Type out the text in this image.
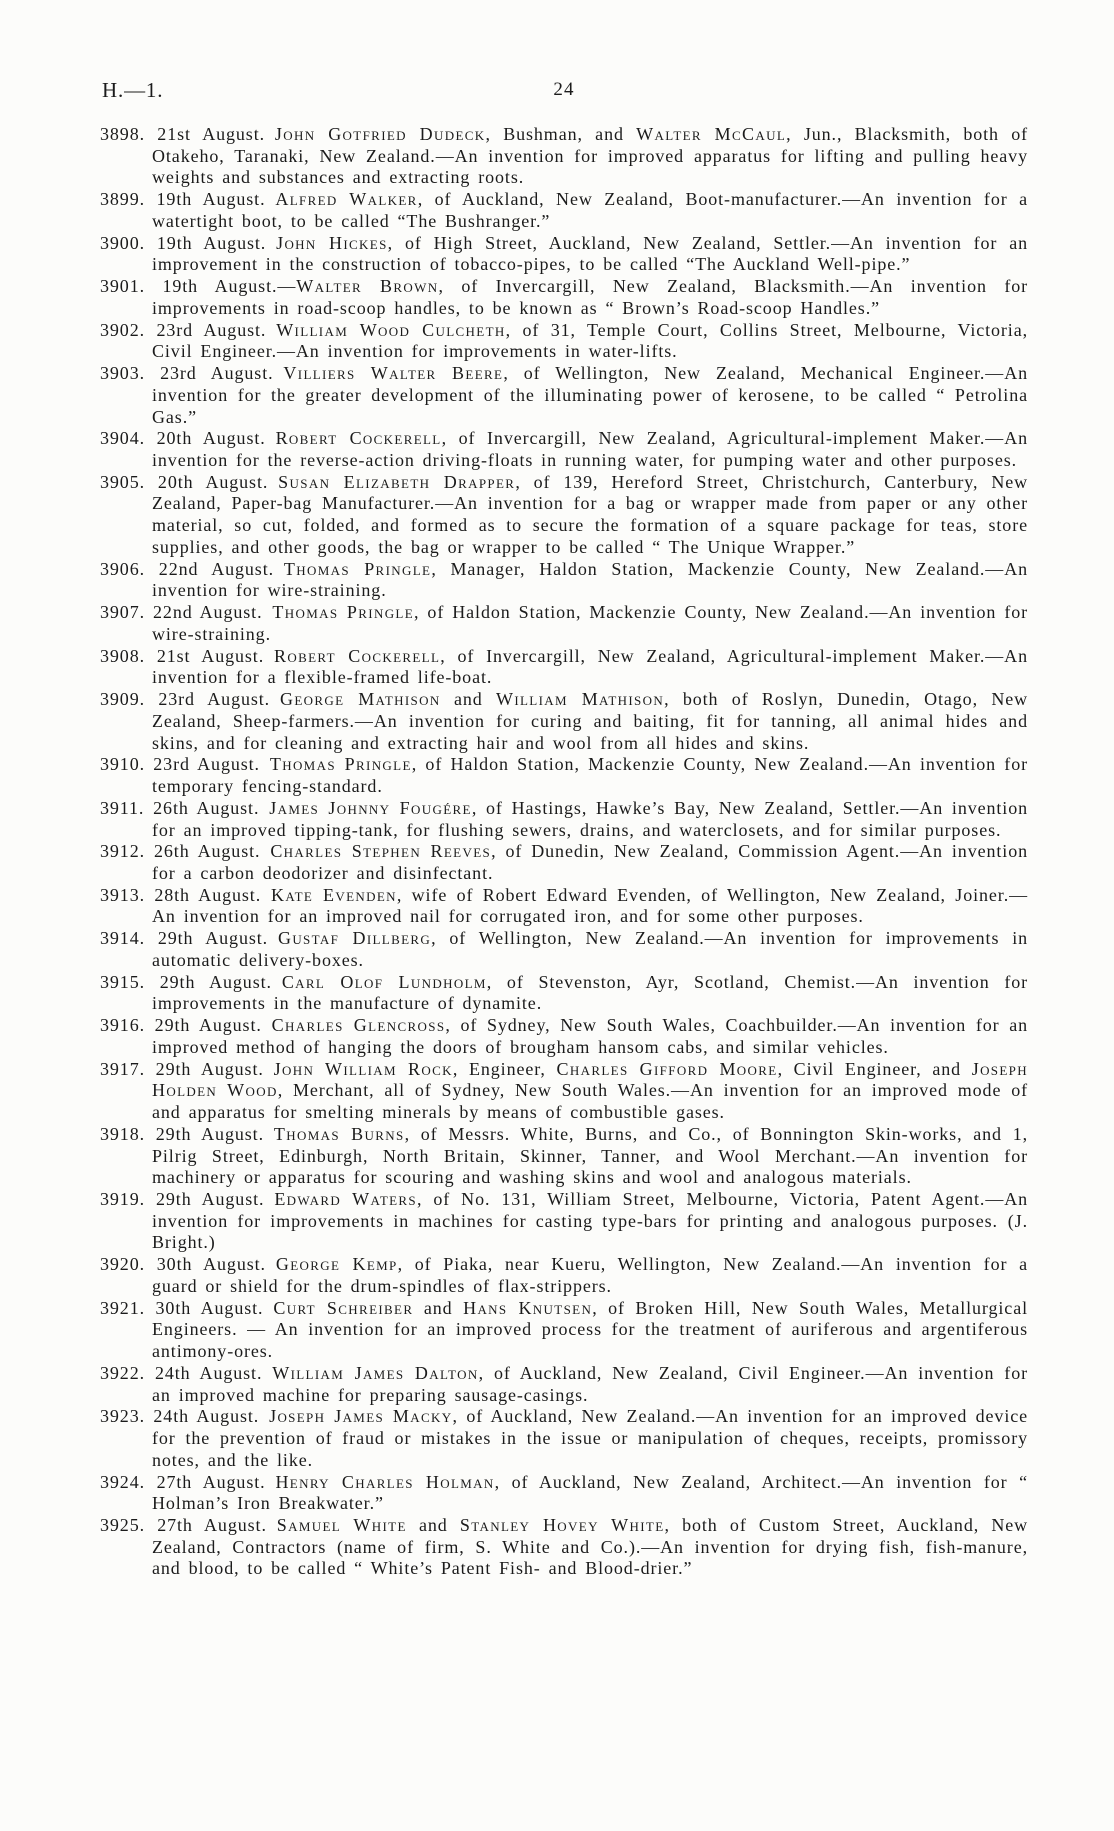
H.—1.	24

3898. 21st August. John Gotfried Dudeck, Bushman, and Walter McCaul, Jun., Blacksmith, both of Otakeho, Taranaki, New Zealand.—An invention for improved apparatus for lifting and pulling heavy weights and substances and extracting roots.

3899. 19th August. Alfred Walker, of Auckland, New Zealand, Boot-manufacturer.—An invention for a watertight boot, to be called “The Bushranger.”

3900. 19th August. John Hickes, of High Street, Auckland, New Zealand, Settler.—An invention for an improvement in the construction of tobacco-pipes, to be called “The Auckland Well-pipe.”

3901. 19th August.—Walter Brown, of Invercargill, New Zealand, Blacksmith.—An invention for improvements in road-scoop handles, to be known as “ Brown’s Road-scoop Handles.”

3902. 23rd August. William Wood Culcheth, of 31, Temple Court, Collins Street, Melbourne, Victoria, Civil Engineer.—An invention for improvements in water-lifts.

3903. 23rd August. Villiers Walter Beere, of Wellington, New Zealand, Mechanical Engineer.—An invention for the greater development of the illuminating power of kerosene, to be called “ Petrolina Gas.”

3904. 20th August. Robert Cockerell, of Invercargill, New Zealand, Agricultural-implement Maker.—An invention for the reverse-action driving-floats in running water, for pumping water and other purposes.

3905. 20th August. Susan Elizabeth Drapper, of 139, Hereford Street, Christchurch, Canterbury, New Zealand, Paper-bag Manufacturer.—An invention for a bag or wrapper made from paper or any other material, so cut, folded, and formed as to secure the formation of a square package for teas, store supplies, and other goods, the bag or wrapper to be called “ The Unique Wrapper.”

3906. 22nd August. Thomas Pringle, Manager, Haldon Station, Mackenzie County, New Zealand.—An invention for wire-straining.

3907. 22nd August. Thomas Pringle, of Haldon Station, Mackenzie County, New Zealand.—An invention for wire-straining.

3908. 21st August. Robert Cockerell, of Invercargill, New Zealand, Agricultural-implement Maker.—An invention for a flexible-framed life-boat.

3909. 23rd August. George Mathison and William Mathison, both of Roslyn, Dunedin, Otago, New Zealand, Sheep-farmers.—An invention for curing and baiting, fit for tanning, all animal hides and skins, and for cleaning and extracting hair and wool from all hides and skins.

3910. 23rd August. Thomas Pringle, of Haldon Station, Mackenzie County, New Zealand.—An invention for temporary fencing-standard.

3911. 26th August. James Johnny Fougére, of Hastings, Hawke’s Bay, New Zealand, Settler.—An invention for an improved tipping-tank, for flushing sewers, drains, and waterclosets, and for similar purposes.

3912. 26th August. Charles Stephen Reeves, of Dunedin, New Zealand, Commission Agent.—An invention for a carbon deodorizer and disinfectant.

3913. 28th August. Kate Evenden, wife of Robert Edward Evenden, of Wellington, New Zealand, Joiner.—An invention for an improved nail for corrugated iron, and for some other purposes.

3914. 29th August. Gustaf Dillberg, of Wellington, New Zealand.—An invention for improvements in automatic delivery-boxes.

3915. 29th August. Carl Olof Lundholm, of Stevenston, Ayr, Scotland, Chemist.—An invention for improvements in the manufacture of dynamite.

3916. 29th August. Charles Glencross, of Sydney, New South Wales, Coachbuilder.—An invention for an improved method of hanging the doors of brougham hansom cabs, and similar vehicles.

3917. 29th August. John William Rock, Engineer, Charles Gifford Moore, Civil Engineer, and Joseph Holden Wood, Merchant, all of Sydney, New South Wales.—An invention for an improved mode of and apparatus for smelting minerals by means of combustible gases.

3918. 29th August. Thomas Burns, of Messrs. White, Burns, and Co., of Bonnington Skin-works, and 1, Pilrig Street, Edinburgh, North Britain, Skinner, Tanner, and Wool Merchant.—An invention for machinery or apparatus for scouring and washing skins and wool and analogous materials.

3919. 29th August. Edward Waters, of No. 131, William Street, Melbourne, Victoria, Patent Agent.—An invention for improvements in machines for casting type-bars for printing and analogous purposes. (J. Bright.)

3920. 30th August. George Kemp, of Piaka, near Kueru, Wellington, New Zealand.—An invention for a guard or shield for the drum-spindles of flax-strippers.

3921. 30th August. Curt Schreiber and Hans Knutsen, of Broken Hill, New South Wales, Metallurgical Engineers. — An invention for an improved process for the treatment of auriferous and argentiferous antimony-ores.

3922. 24th August. William James Dalton, of Auckland, New Zealand, Civil Engineer.—An invention for an improved machine for preparing sausage-casings.

3923. 24th August. Joseph James Macky, of Auckland, New Zealand.—An invention for an improved device for the prevention of fraud or mistakes in the issue or manipulation of cheques, receipts, promissory notes, and the like.

3924. 27th August. Henry Charles Holman, of Auckland, New Zealand, Architect.—An invention for “ Holman’s Iron Breakwater.”

3925. 27th August. Samuel White and Stanley Hovey White, both of Custom Street, Auckland, New Zealand, Contractors (name of firm, S. White and Co.).—An invention for drying fish, fish-manure, and blood, to be called “ White’s Patent Fish- and Blood-drier.”
